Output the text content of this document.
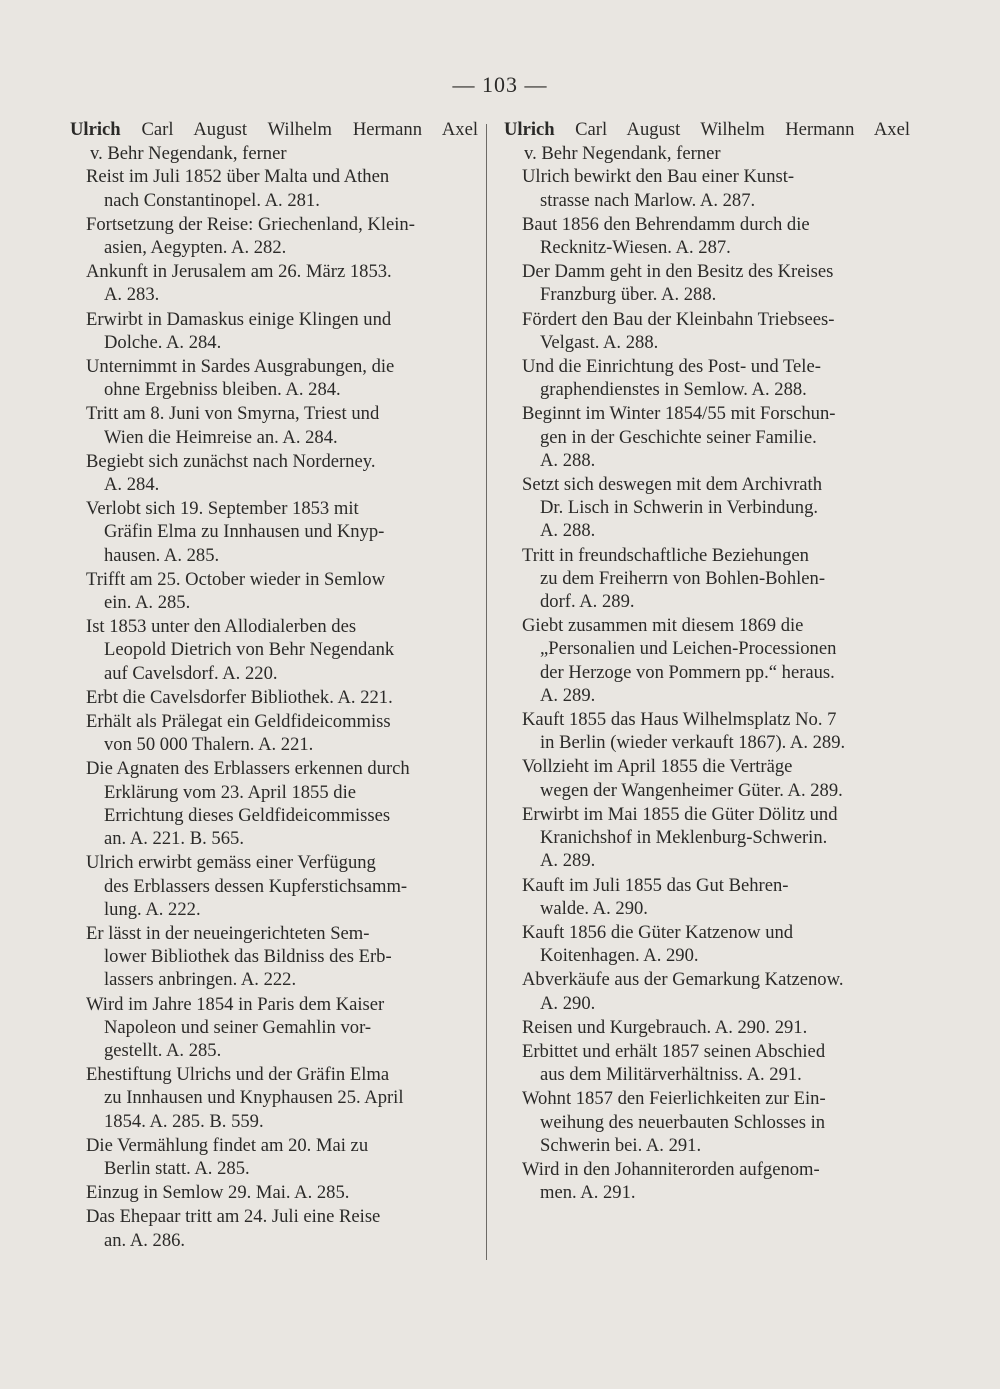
— 103 —
Ulrich Carl August Wilhelm Hermann Axel
v. Behr Negendank, ferner
Reist im Juli 1852 über Malta und Athen
nach Constantinopel. A. 281.
Fortsetzung der Reise: Griechenland, Klein-
asien, Aegypten. A. 282.
Ankunft in Jerusalem am 26. März 1853.
A. 283.
Erwirbt in Damaskus einige Klingen und
Dolche. A. 284.
Unternimmt in Sardes Ausgrabungen, die
ohne Ergebniss bleiben. A. 284.
Tritt am 8. Juni von Smyrna, Triest und
Wien die Heimreise an. A. 284.
Begiebt sich zunächst nach Norderney.
A. 284.
Verlobt sich 19. September 1853 mit
Gräfin Elma zu Innhausen und Knyp-
hausen. A. 285.
Trifft am 25. October wieder in Semlow
ein. A. 285.
Ist 1853 unter den Allodialerben des
Leopold Dietrich von Behr Negendank
auf Cavelsdorf. A. 220.
Erbt die Cavelsdorfer Bibliothek. A. 221.
Erhält als Prälegat ein Geldfideicommiss
von 50 000 Thalern. A. 221.
Die Agnaten des Erblassers erkennen durch
Erklärung vom 23. April 1855 die
Errichtung dieses Geldfideicommisses
an. A. 221. B. 565.
Ulrich erwirbt gemäss einer Verfügung
des Erblassers dessen Kupferstichsamm-
lung. A. 222.
Er lässt in der neueingerichteten Sem-
lower Bibliothek das Bildniss des Erb-
lassers anbringen. A. 222.
Wird im Jahre 1854 in Paris dem Kaiser
Napoleon und seiner Gemahlin vor-
gestellt. A. 285.
Ehestiftung Ulrichs und der Gräfin Elma
zu Innhausen und Knyphausen 25. April
1854. A. 285. B. 559.
Die Vermählung findet am 20. Mai zu
Berlin statt. A. 285.
Einzug in Semlow 29. Mai. A. 285.
Das Ehepaar tritt am 24. Juli eine Reise
an. A. 286.
Ulrich Carl August Wilhelm Hermann Axel
v. Behr Negendank, ferner
Ulrich bewirkt den Bau einer Kunst-
strasse nach Marlow. A. 287.
Baut 1856 den Behrendamm durch die
Recknitz-Wiesen. A. 287.
Der Damm geht in den Besitz des Kreises
Franzburg über. A. 288.
Fördert den Bau der Kleinbahn Triebsees-
Velgast. A. 288.
Und die Einrichtung des Post- und Tele-
graphendienstes in Semlow. A. 288.
Beginnt im Winter 1854/55 mit Forschun-
gen in der Geschichte seiner Familie.
A. 288.
Setzt sich deswegen mit dem Archivrath
Dr. Lisch in Schwerin in Verbindung.
A. 288.
Tritt in freundschaftliche Beziehungen
zu dem Freiherrn von Bohlen-Bohlen-
dorf. A. 289.
Giebt zusammen mit diesem 1869 die
„Personalien und Leichen-Processionen
der Herzoge von Pommern pp.“ heraus.
A. 289.
Kauft 1855 das Haus Wilhelmsplatz No. 7
in Berlin (wieder verkauft 1867). A. 289.
Vollzieht im April 1855 die Verträge
wegen der Wangenheimer Güter. A. 289.
Erwirbt im Mai 1855 die Güter Dölitz und
Kranichshof in Meklenburg-Schwerin.
A. 289.
Kauft im Juli 1855 das Gut Behren-
walde. A. 290.
Kauft 1856 die Güter Katzenow und
Koitenhagen. A. 290.
Abverkäufe aus der Gemarkung Katzenow.
A. 290.
Reisen und Kurgebrauch. A. 290. 291.
Erbittet und erhält 1857 seinen Abschied
aus dem Militärverhältniss. A. 291.
Wohnt 1857 den Feierlichkeiten zur Ein-
weihung des neuerbauten Schlosses in
Schwerin bei. A. 291.
Wird in den Johanniterorden aufgenom-
men. A. 291.
